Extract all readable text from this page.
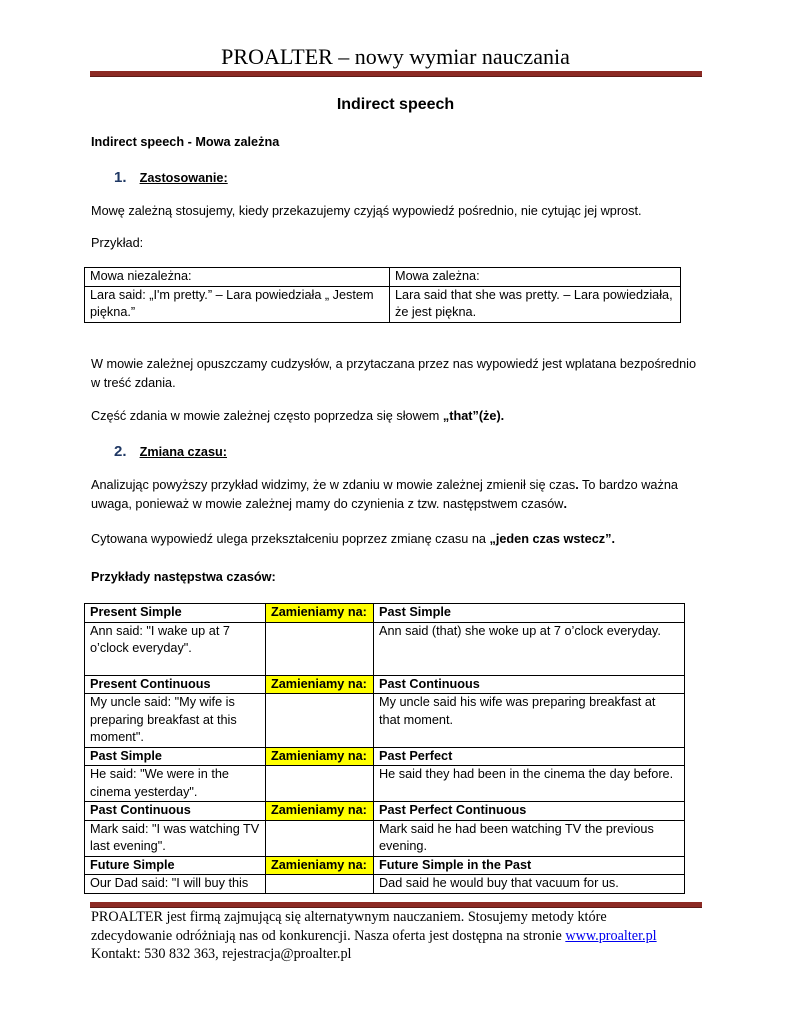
PROALTER – nowy wymiar nauczania
Indirect speech
Indirect speech - Mowa zależna
1. Zastosowanie:
Mowę zależną stosujemy, kiedy przekazujemy czyjąś wypowiedź pośrednio, nie cytując jej wprost.
Przykład:
Mowa niezależna:	Mowa zależna:
Lara said: „I'm pretty.” – Lara powiedziała „ Jestem piękna.”	Lara said that she was pretty. – Lara powiedziała, że jest piękna.
W mowie zależnej opuszczamy cudzysłów, a przytaczana przez nas wypowiedź jest wplatana bezpośrednio w treść zdania.
Część zdania w mowie zależnej często poprzedza się słowem „that”(że).
2. Zmiana czasu:
Analizując powyższy przykład widzimy, że w zdaniu w mowie zależnej zmienił się czas. To bardzo ważna uwaga, ponieważ w mowie zależnej mamy do czynienia z tzw. następstwem czasów.
Cytowana wypowiedź ulega przekształceniu poprzez zmianę czasu na „jeden czas wstecz”.
Przykłady następstwa czasów:
Present Simple	Zamieniamy na:	Past Simple
Ann said: "I wake up at 7 o’clock everyday".		Ann said (that) she woke up at 7 o’clock everyday.
Present Continuous	Zamieniamy na:	Past Continuous
My uncle said: "My wife is preparing breakfast at this moment".		My uncle said his wife was preparing breakfast at that moment.
Past Simple	Zamieniamy na:	Past Perfect
He said: "We were in the cinema yesterday".		He said they had been in the cinema the day before.
Past Continuous	Zamieniamy na:	Past Perfect Continuous
Mark said: "I was watching TV last evening".		Mark said he had been watching TV the previous evening.
Future Simple	Zamieniamy na:	Future Simple in the Past
Our Dad said: "I will buy this		Dad said he would buy that vacuum for us.
PROALTER jest firmą zajmującą się alternatywnym nauczaniem. Stosujemy metody które
zdecydowanie odróżniają nas od konkurencji. Nasza oferta jest dostępna na stronie www.proalter.pl
Kontakt: 530 832 363, rejestracja@proalter.pl
